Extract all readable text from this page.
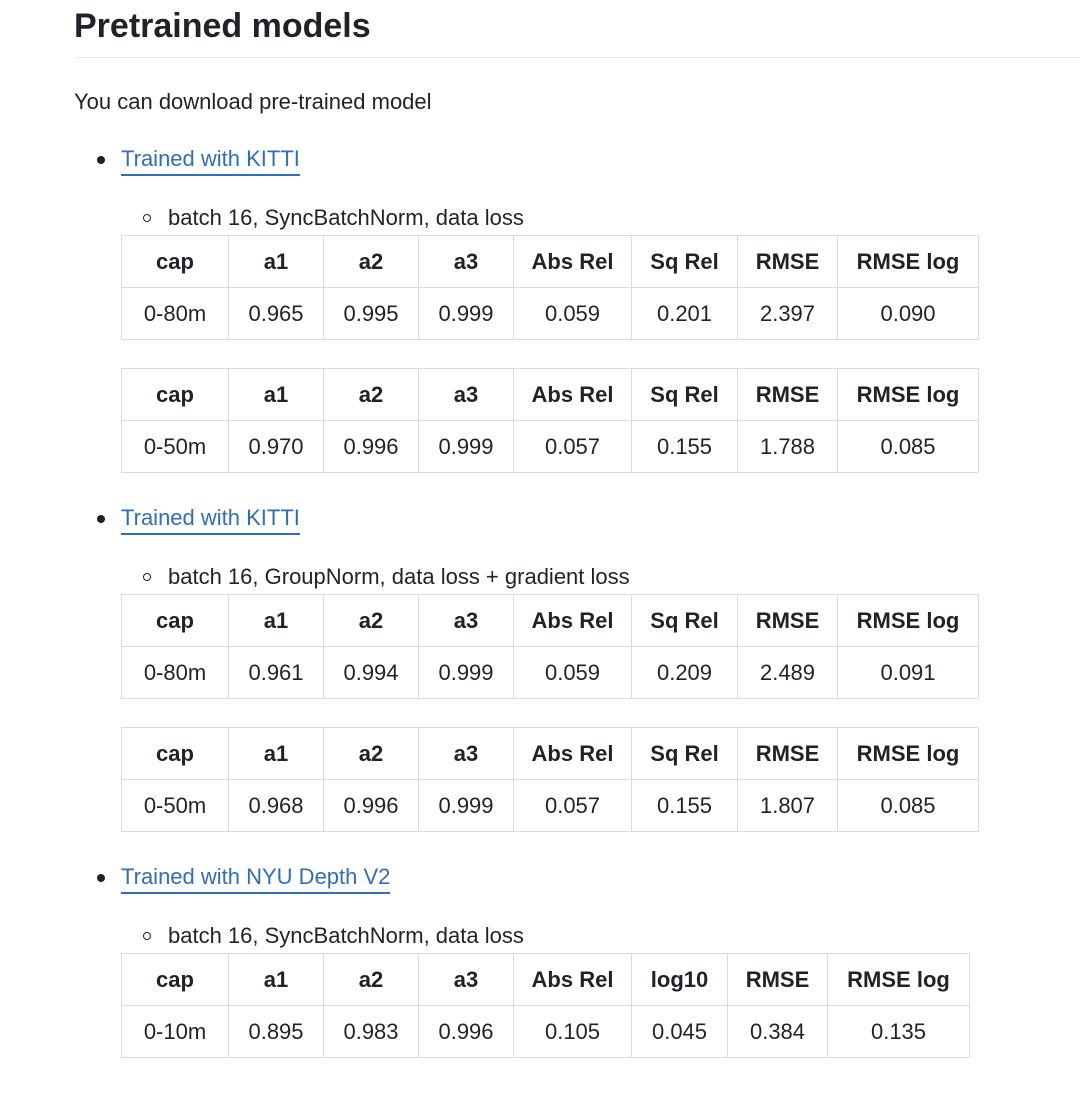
Pretrained models
You can download pre-trained model
Trained with KITTI
batch 16, SyncBatchNorm, data loss
cap	a1	a2	a3	Abs Rel	Sq Rel	RMSE	RMSE log
0-80m	0.965	0.995	0.999	0.059	0.201	2.397	0.090
cap	a1	a2	a3	Abs Rel	Sq Rel	RMSE	RMSE log
0-50m	0.970	0.996	0.999	0.057	0.155	1.788	0.085
Trained with KITTI
batch 16, GroupNorm, data loss + gradient loss
cap	a1	a2	a3	Abs Rel	Sq Rel	RMSE	RMSE log
0-80m	0.961	0.994	0.999	0.059	0.209	2.489	0.091
cap	a1	a2	a3	Abs Rel	Sq Rel	RMSE	RMSE log
0-50m	0.968	0.996	0.999	0.057	0.155	1.807	0.085
Trained with NYU Depth V2
batch 16, SyncBatchNorm, data loss
cap	a1	a2	a3	Abs Rel	log10	RMSE	RMSE log
0-10m	0.895	0.983	0.996	0.105	0.045	0.384	0.135
